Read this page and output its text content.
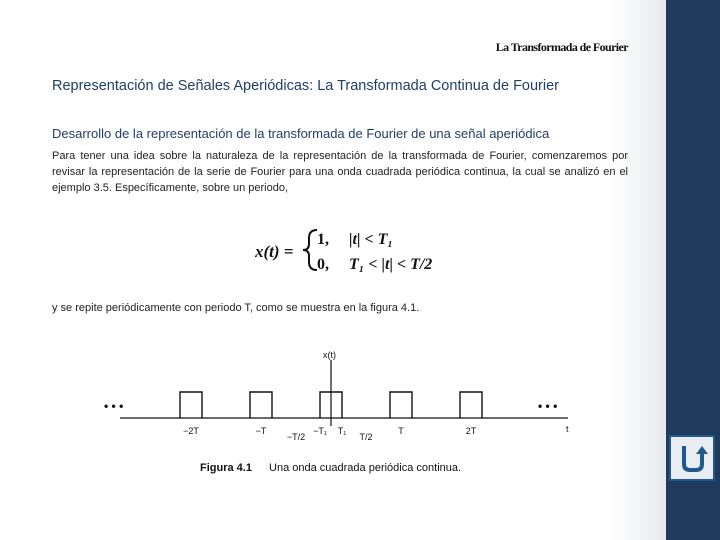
La Transformada de Fourier
Representación de Señales Aperiódicas: La Transformada Continua de Fourier
Desarrollo de la representación de la transformada de Fourier de una señal aperiódica
Para tener una idea sobre la naturaleza de la representación de la transformada de Fourier, comenzaremos por revisar la representación de la serie de Fourier para una onda cuadrada periódica continua, la cual se analizó en el ejemplo 3.5. Específicamente, sobre un periodo,
x(t) =
1, |t| < T₁
0, T₁ < |t| < T/2
y se repite periódicamente con periodo T, como se muestra en la figura 4.1.
x(t)
t
• • •	• • •
−2T	−T
−T/2
−T₁ T₁
T/2
T	2T
Figura 4.1 Una onda cuadrada periódica continua.
